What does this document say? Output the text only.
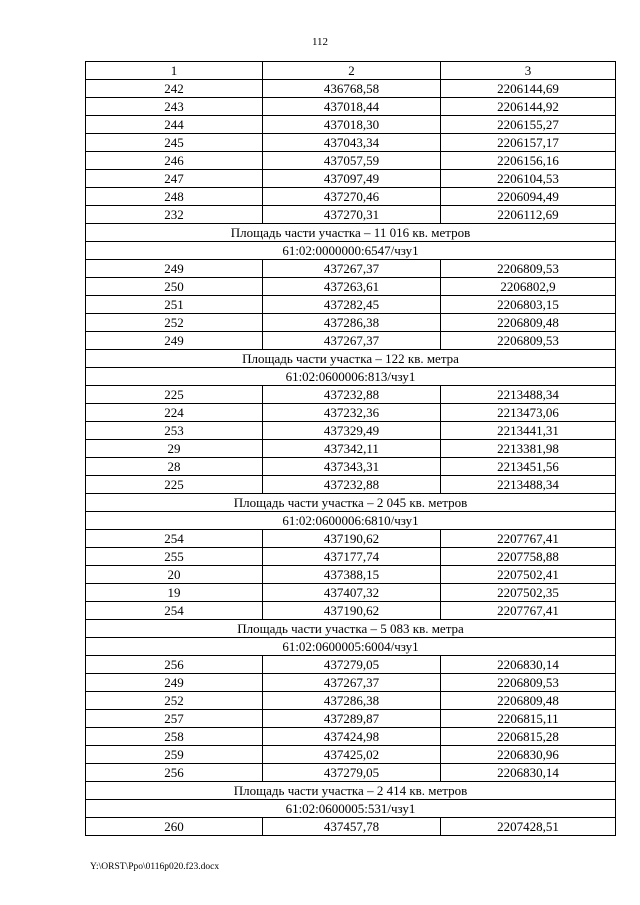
112
1	2	3
242	436768,58	2206144,69
243	437018,44	2206144,92
244	437018,30	2206155,27
245	437043,34	2206157,17
246	437057,59	2206156,16
247	437097,49	2206104,53
248	437270,46	2206094,49
232	437270,31	2206112,69
Площадь части участка – 11 016 кв. метров		
61:02:0000000:6547/чзу1		
249	437267,37	2206809,53
250	437263,61	2206802,9
251	437282,45	2206803,15
252	437286,38	2206809,48
249	437267,37	2206809,53
Площадь части участка – 122 кв. метра		
61:02:0600006:813/чзу1		
225	437232,88	2213488,34
224	437232,36	2213473,06
253	437329,49	2213441,31
29	437342,11	2213381,98
28	437343,31	2213451,56
225	437232,88	2213488,34
Площадь части участка – 2 045 кв. метров		
61:02:0600006:6810/чзу1		
254	437190,62	2207767,41
255	437177,74	2207758,88
20	437388,15	2207502,41
19	437407,32	2207502,35
254	437190,62	2207767,41
Площадь части участка – 5 083 кв. метра		
61:02:0600005:6004/чзу1		
256	437279,05	2206830,14
249	437267,37	2206809,53
252	437286,38	2206809,48
257	437289,87	2206815,11
258	437424,98	2206815,28
259	437425,02	2206830,96
256	437279,05	2206830,14
Площадь части участка – 2 414 кв. метров		
61:02:0600005:531/чзу1		
260	437457,78	2207428,51
Y:\ORST\Ppo\0116p020.f23.docx
